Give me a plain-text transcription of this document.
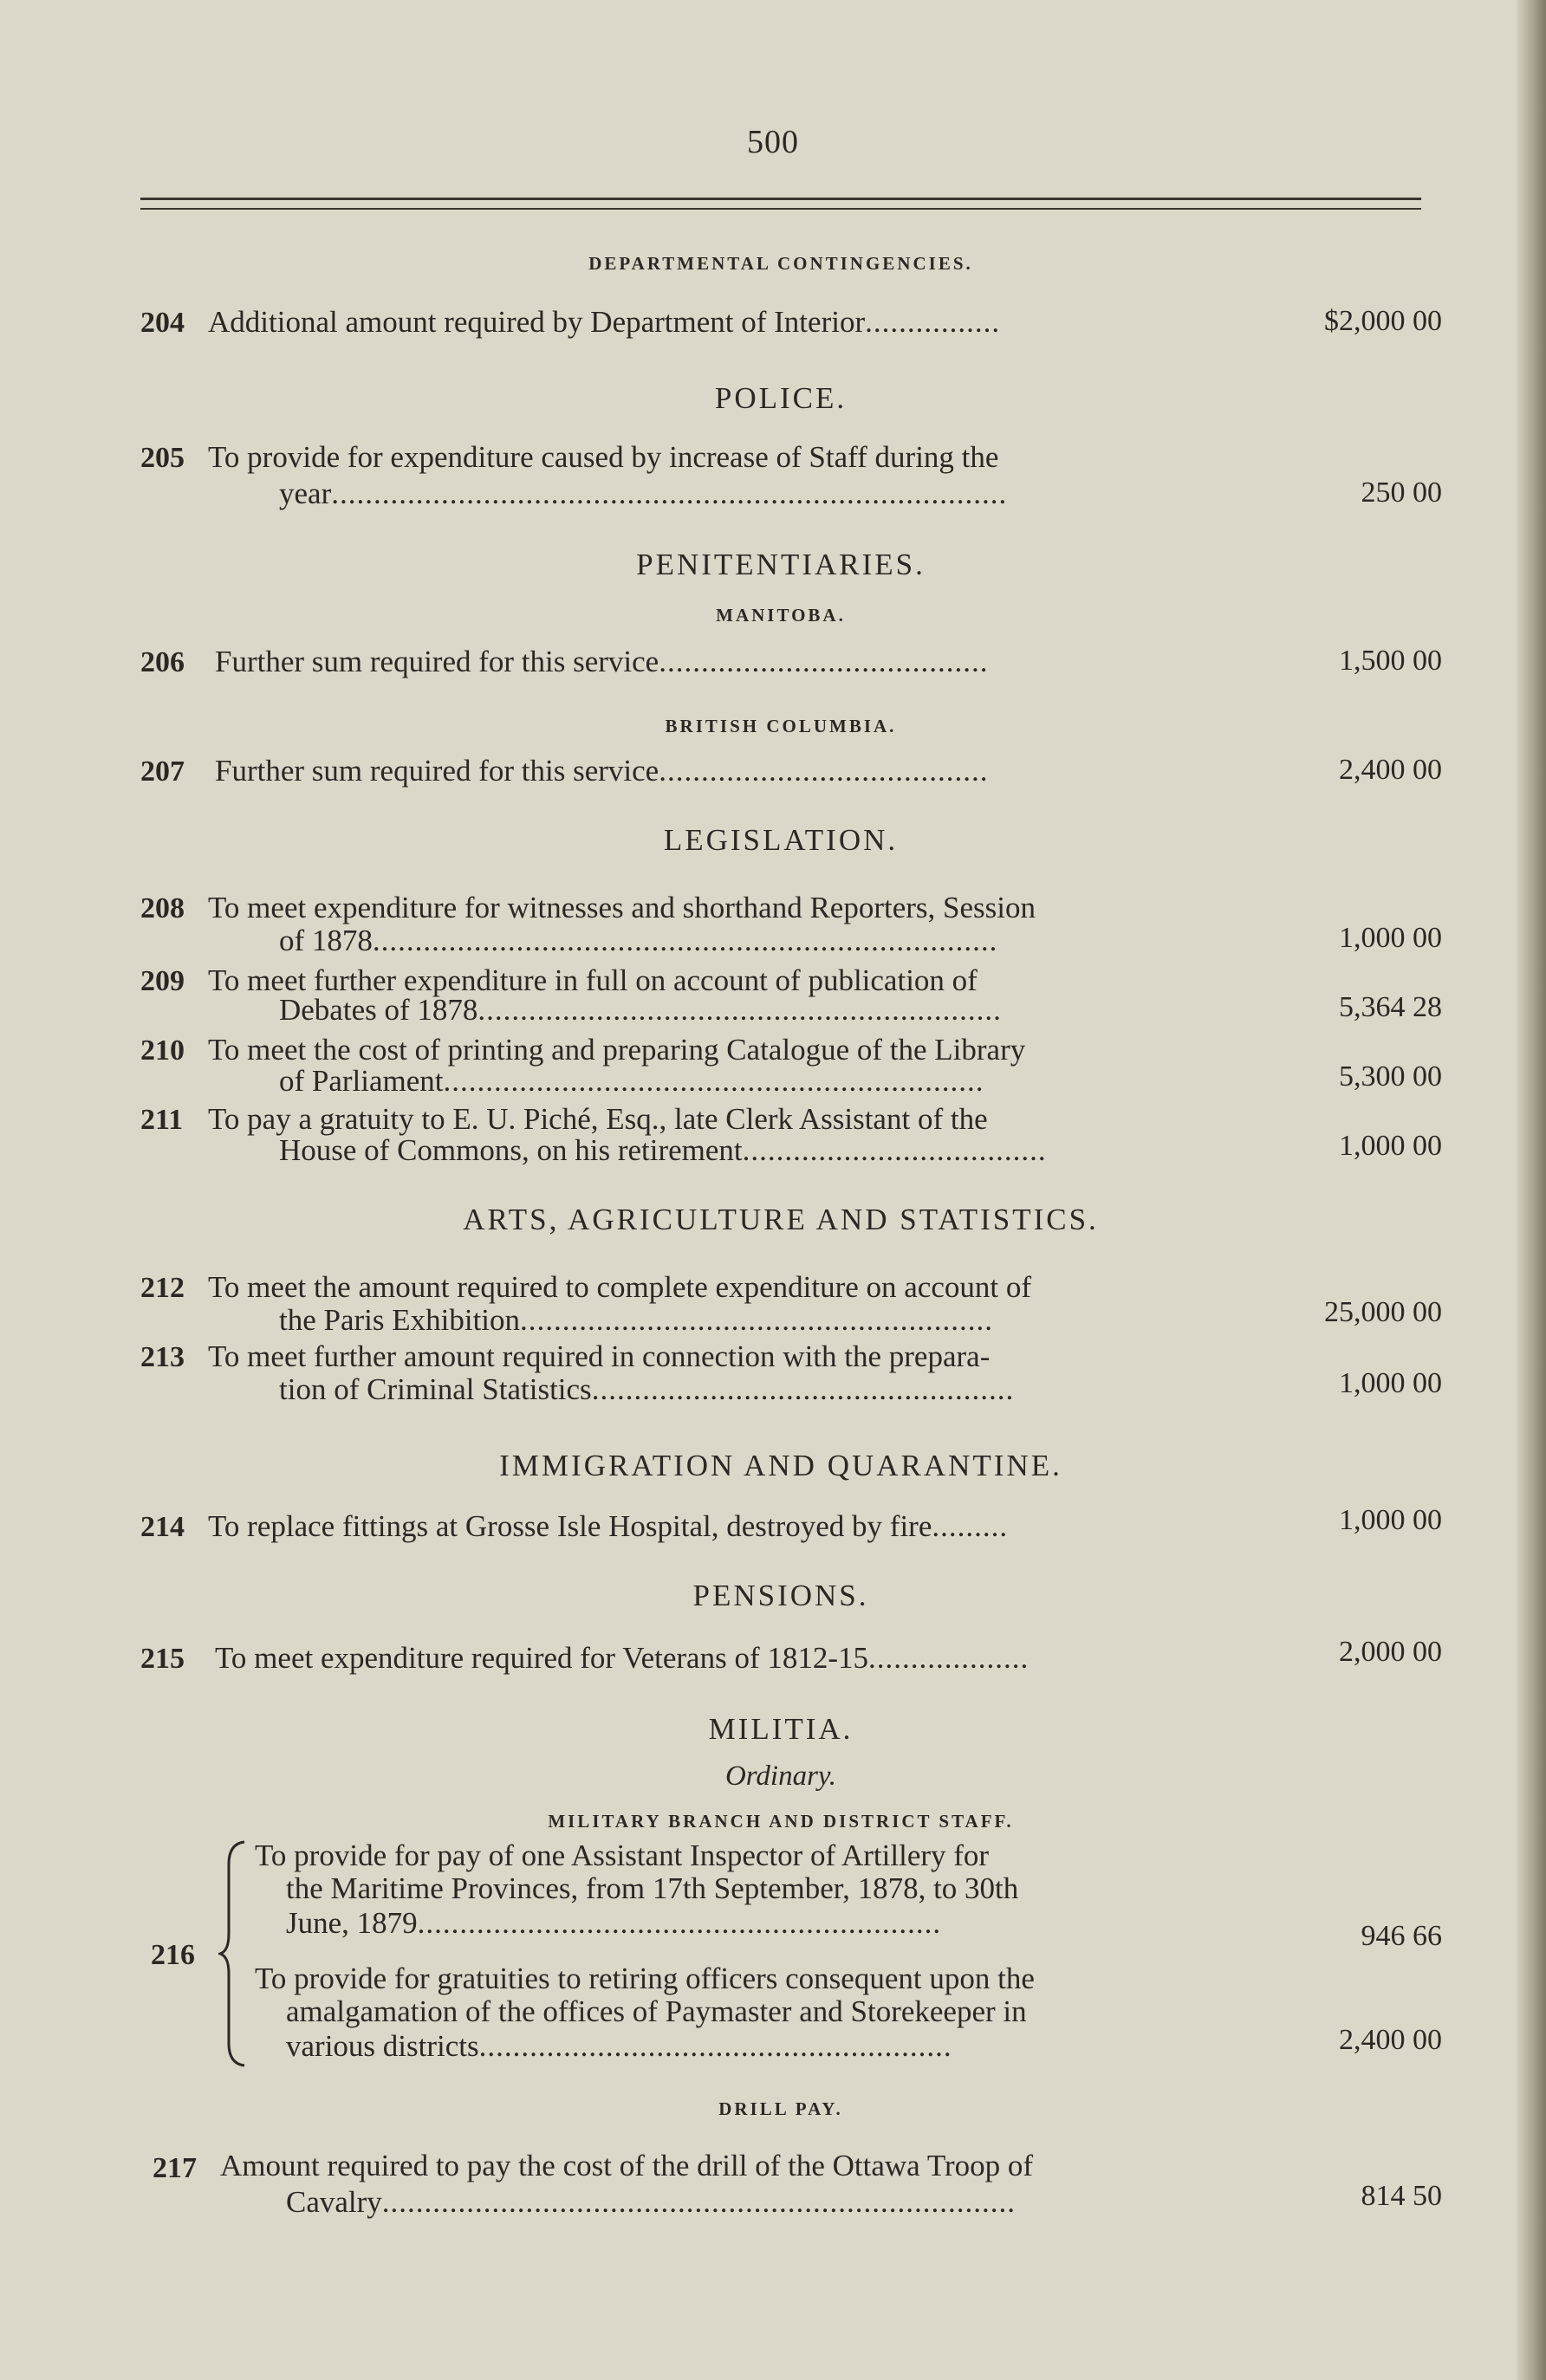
500
DEPARTMENTAL CONTINGENCIES.
204 Additional amount required by Department of Interior................	$2,000 00
POLICE.
205 To provide for expenditure caused by increase of Staff during the
year................................................................................	250 00
PENITENTIARIES.
MANITOBA.
206	Further sum required for this service.......................................	1,500 00
BRITISH COLUMBIA.
207	Further sum required for this service.......................................	2,400 00
LEGISLATION.
208 To meet expenditure for witnesses and shorthand Reporters, Session
of 1878..........................................................................	1,000 00
209 To meet further expenditure in full on account of publication of
Debates of 1878..............................................................	5,364 28
210 To meet the cost of printing and preparing Catalogue of the Library
of Parliament................................................................	5,300 00
211 To pay a gratuity to E. U. Piché, Esq., late Clerk Assistant of the
House of Commons, on his retirement....................................	1,000 00
ARTS, AGRICULTURE AND STATISTICS.
212 To meet the amount required to complete expenditure on account of
the Paris Exhibition........................................................	25,000 00
213 To meet further amount required in connection with the prepara-
tion of Criminal Statistics..................................................	1,000 00
IMMIGRATION AND QUARANTINE.
214 To replace fittings at Grosse Isle Hospital, destroyed by fire.........	1,000 00
PENSIONS.
215	To meet expenditure required for Veterans of 1812-15...................	2,000 00
MILITIA.
Ordinary.
MILITARY BRANCH AND DISTRICT STAFF.
216
To provide for pay of one Assistant Inspector of Artillery for
the Maritime Provinces, from 17th September, 1878, to 30th
June, 1879..............................................................	946 66
To provide for gratuities to retiring officers consequent upon the
amalgamation of the offices of Paymaster and Storekeeper in
various districts........................................................	2,400 00
DRILL PAY.
217 Amount required to pay the cost of the drill of the Ottawa Troop of
Cavalry...........................................................................	814 50
